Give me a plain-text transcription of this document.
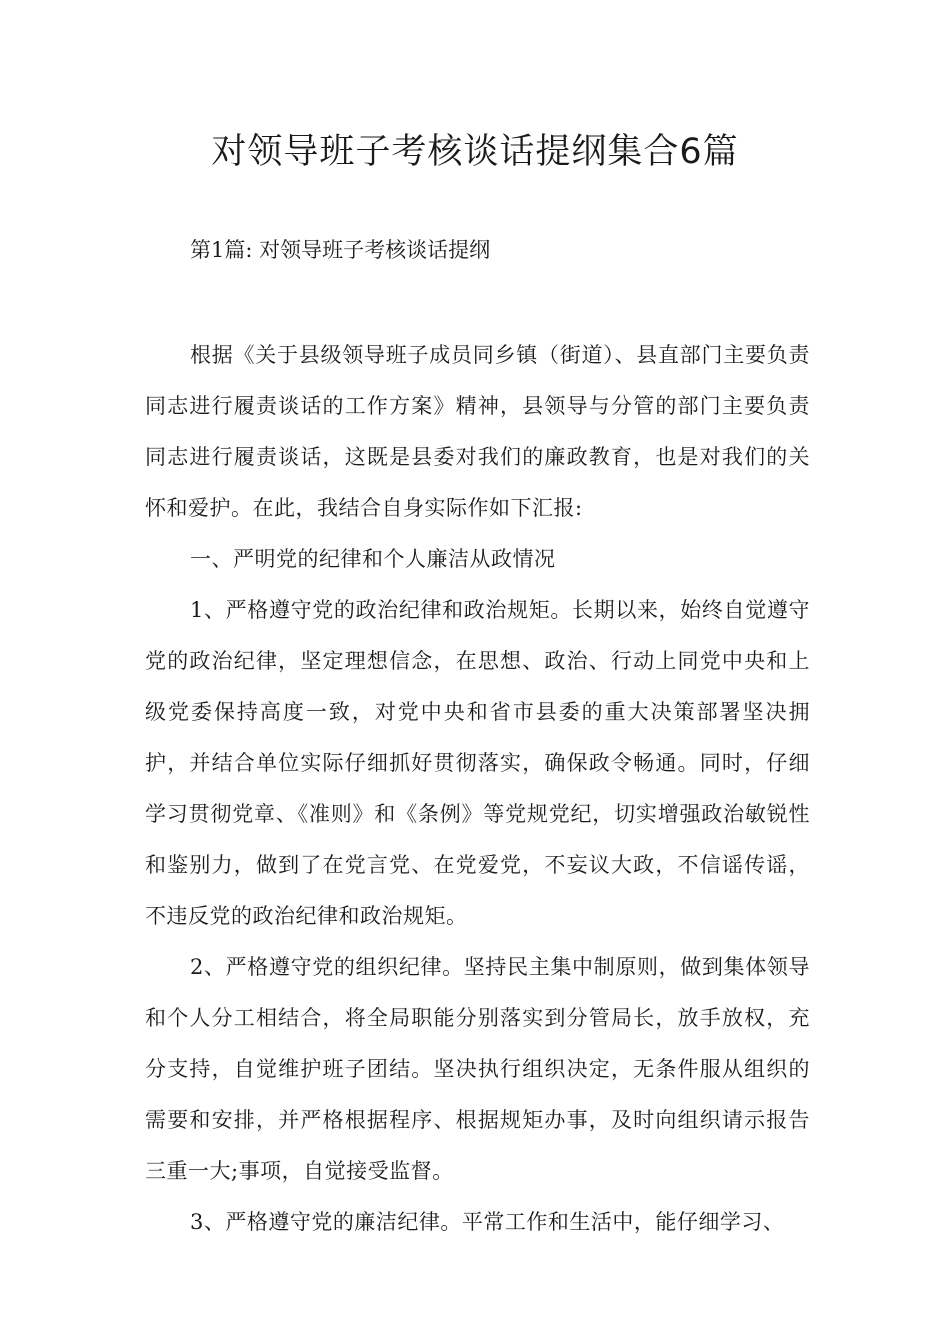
对领导班子考核谈话提纲集合6篇
第1篇: 对领导班子考核谈话提纲

根据《关于县级领导班子成员同乡镇（街道）、县直部门主要负责同志进行履责谈话的工作方案》精神，县领导与分管的部门主要负责同志进行履责谈话，这既是县委对我们的廉政教育，也是对我们的关怀和爱护。在此，我结合自身实际作如下汇报:

一、严明党的纪律和个人廉洁从政情况

1、严格遵守党的政治纪律和政治规矩。长期以来，始终自觉遵守党的政治纪律，坚定理想信念，在思想、政治、行动上同党中央和上级党委保持高度一致，对党中央和省市县委的重大决策部署坚决拥护，并结合单位实际仔细抓好贯彻落实，确保政令畅通。同时，仔细学习贯彻党章、《准则》和《条例》等党规党纪，切实增强政治敏锐性和鉴别力，做到了在党言党、在党爱党，不妄议大政，不信谣传谣，不违反党的政治纪律和政治规矩。

2、严格遵守党的组织纪律。坚持民主集中制原则，做到集体领导和个人分工相结合，将全局职能分别落实到分管局长，放手放权，充分支持，自觉维护班子团结。坚决执行组织决定，无条件服从组织的需要和安排，并严格根据程序、根据规矩办事，及时向组织请示报告三重一大;事项，自觉接受监督。

3、严格遵守党的廉洁纪律。平常工作和生活中，能仔细学习、
